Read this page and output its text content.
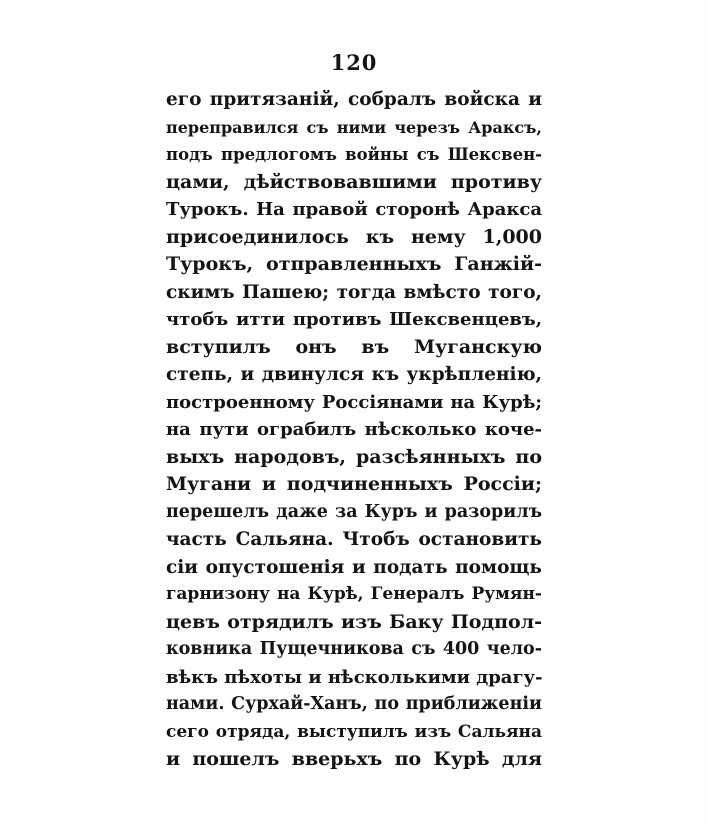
120
его притязаній, собралъ войска и
переправился съ ними черезъ Араксъ,
подъ предлогомъ войны съ Шексвен-
цами, дѣйствовавшими противу
Турокъ. На правой сторонѣ Аракса
присоединилось къ нему 1,000
Турокъ, отправленныхъ Ганжій-
скимъ Пашею; тогда вмѣсто того,
чтобъ итти противъ Шексвенцевъ,
вступилъ онъ въ Муганскую
степь, и двинулся къ укрѣпленію,
построенному Россіянами на Курѣ;
на пути ограбилъ нѣсколько коче-
выхъ народовъ, разсѣянныхъ по
Мугани и подчиненныхъ Россіи;
перешелъ даже за Куръ и разорилъ
часть Сальяна. Чтобъ остановить
сіи опустошенія и подать помощь
гарнизону на Курѣ, Генералъ Румян-
цевъ отрядилъ изъ Баку Подпол-
ковника Пущечникова съ 400 чело-
вѣкъ пѣхоты и нѣсколькими драгу-
нами. Сурхай-Ханъ, по приближеніи
сего отряда, выступилъ изъ Сальяна
и пошелъ вверьхъ по Курѣ для
